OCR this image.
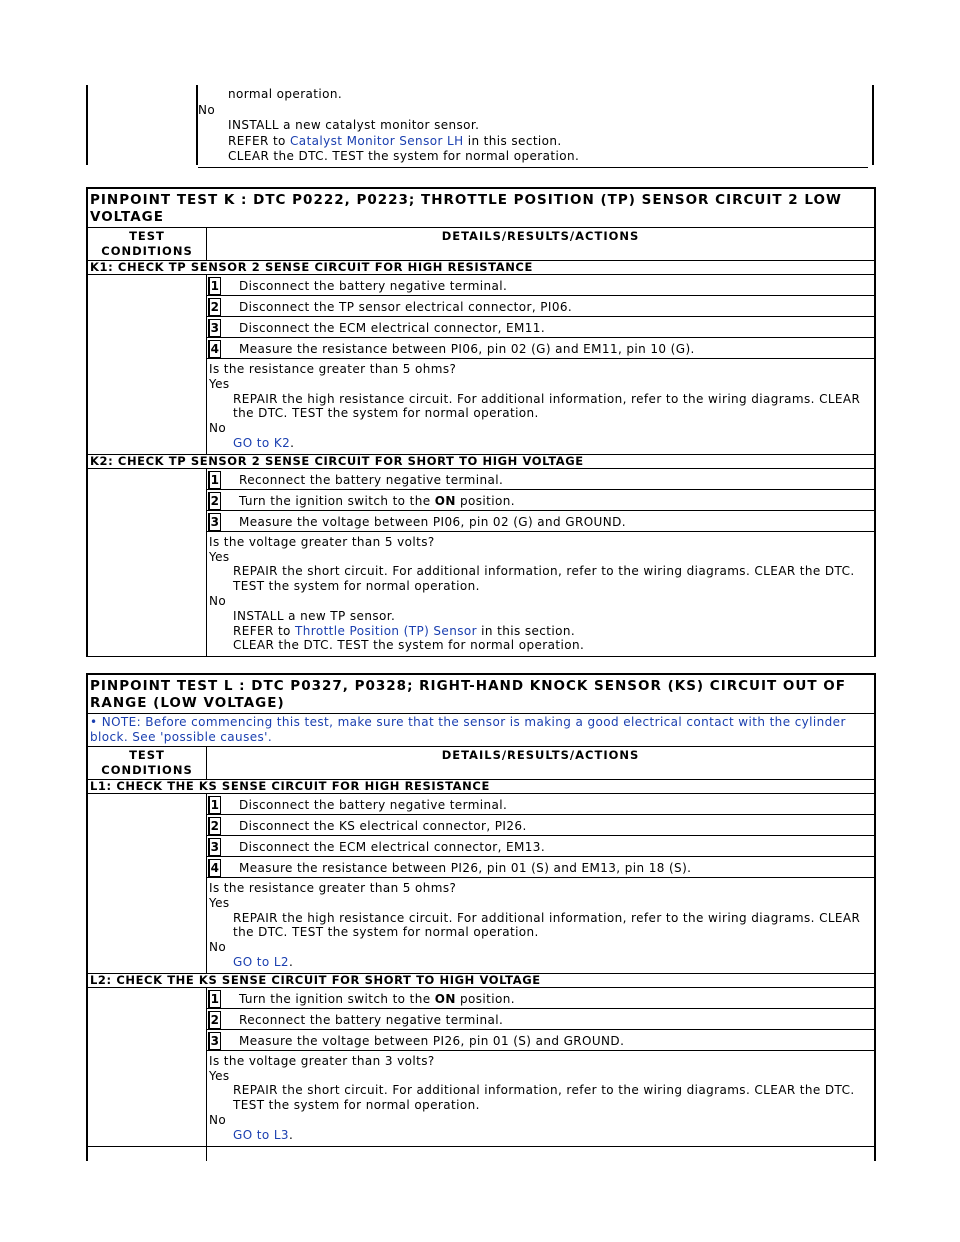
normal operation.
No
INSTALL a new catalyst monitor sensor.
REFER to Catalyst Monitor Sensor LH in this section.
CLEAR the DTC. TEST the system for normal operation.
PINPOINT TEST K : DTC P0222, P0223; THROTTLE POSITION (TP) SENSOR CIRCUIT 2 LOW VOLTAGE
TEST CONDITIONS
DETAILS/RESULTS/ACTIONS
K1: CHECK TP SENSOR 2 SENSE CIRCUIT FOR HIGH RESISTANCE
1	Disconnect the battery negative terminal.
2	Disconnect the TP sensor electrical connector, PI06.
3	Disconnect the ECM electrical connector, EM11.
4	Measure the resistance between PI06, pin 02 (G) and EM11, pin 10 (G).
Is the resistance greater than 5 ohms?
Yes
REPAIR the high resistance circuit. For additional information, refer to the wiring diagrams. CLEAR
the DTC. TEST the system for normal operation.
No
GO to K2.
K2: CHECK TP SENSOR 2 SENSE CIRCUIT FOR SHORT TO HIGH VOLTAGE
1	Reconnect the battery negative terminal.
2	Turn the ignition switch to the ON position.
3	Measure the voltage between PI06, pin 02 (G) and GROUND.
Is the voltage greater than 5 volts?
Yes
REPAIR the short circuit. For additional information, refer to the wiring diagrams. CLEAR the DTC.
TEST the system for normal operation.
No
INSTALL a new TP sensor.
REFER to Throttle Position (TP) Sensor in this section.
CLEAR the DTC. TEST the system for normal operation.
PINPOINT TEST L : DTC P0327, P0328; RIGHT-HAND KNOCK SENSOR (KS) CIRCUIT OUT OF RANGE (LOW VOLTAGE)
• NOTE: Before commencing this test, make sure that the sensor is making a good electrical contact with the cylinder block. See 'possible causes'.
TEST CONDITIONS
DETAILS/RESULTS/ACTIONS
L1: CHECK THE KS SENSE CIRCUIT FOR HIGH RESISTANCE
1	Disconnect the battery negative terminal.
2	Disconnect the KS electrical connector, PI26.
3	Disconnect the ECM electrical connector, EM13.
4	Measure the resistance between PI26, pin 01 (S) and EM13, pin 18 (S).
Is the resistance greater than 5 ohms?
Yes
REPAIR the high resistance circuit. For additional information, refer to the wiring diagrams. CLEAR
the DTC. TEST the system for normal operation.
No
GO to L2.
L2: CHECK THE KS SENSE CIRCUIT FOR SHORT TO HIGH VOLTAGE
1	Turn the ignition switch to the ON position.
2	Reconnect the battery negative terminal.
3	Measure the voltage between PI26, pin 01 (S) and GROUND.
Is the voltage greater than 3 volts?
Yes
REPAIR the short circuit. For additional information, refer to the wiring diagrams. CLEAR the DTC.
TEST the system for normal operation.
No
GO to L3.
